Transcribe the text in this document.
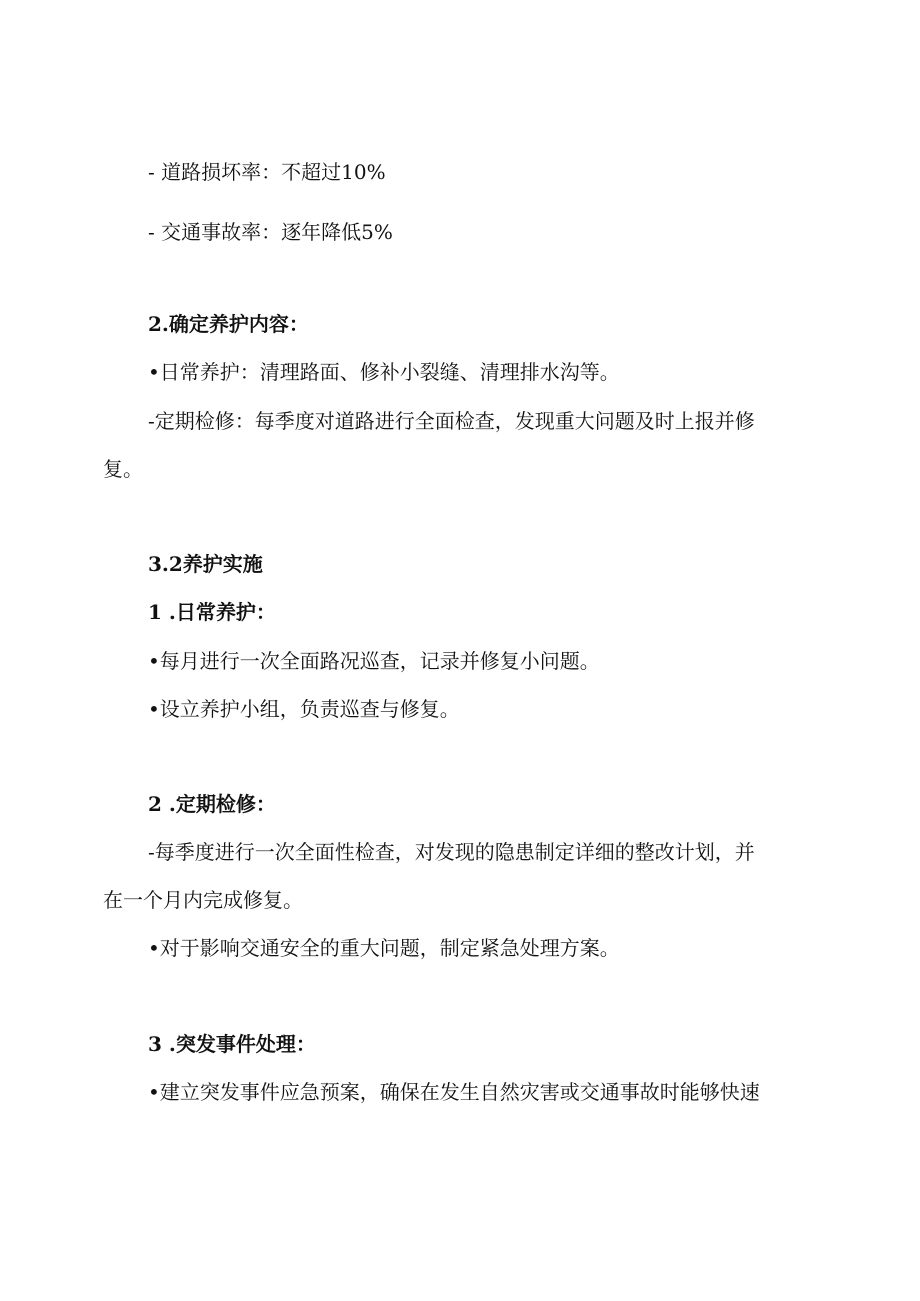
- 道路损坏率：不超过10%
- 交通事故率：逐年降低5%
2.确定养护内容：
•日常养护：清理路面、修补小裂缝、清理排水沟等。
-定期检修：每季度对道路进行全面检查，发现重大问题及时上报并修
复。
3.2养护实施
1 .日常养护：
•每月进行一次全面路况巡查，记录并修复小问题。
•设立养护小组，负责巡查与修复。
2 .定期检修：
-每季度进行一次全面性检查，对发现的隐患制定详细的整改计划，并
在一个月内完成修复。
•对于影响交通安全的重大问题，制定紧急处理方案。
3 .突发事件处理：
•建立突发事件应急预案，确保在发生自然灾害或交通事故时能够快速
